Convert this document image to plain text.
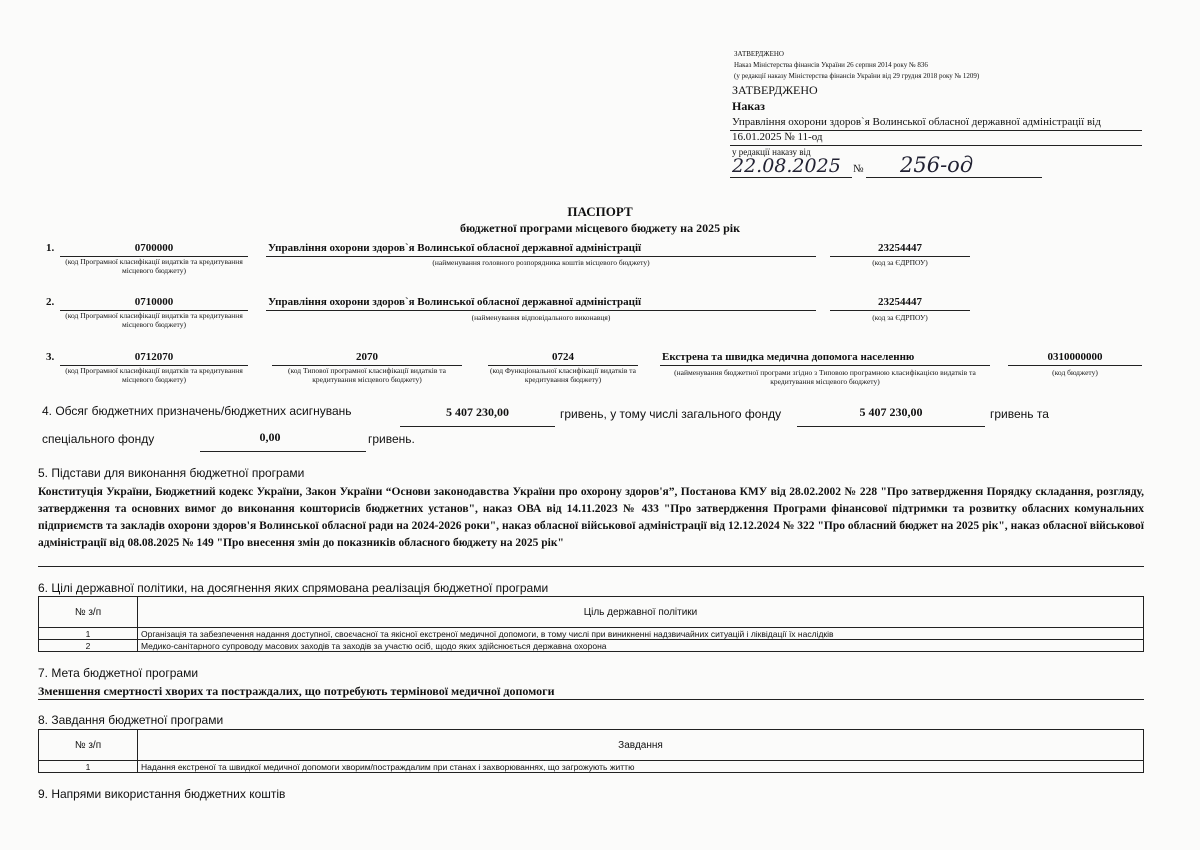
ЗАТВЕРДЖЕНО
Наказ Міністерства фінансів України 26 серпня 2014 року № 836
(у редакції наказу Міністерства фінансів України від 29 грудня 2018 року № 1209)
ЗАТВЕРДЖЕНО
Наказ
Управління охорони здоров`я Волинської обласної державної адміністрації від
16.01.2025 № 11-од
у редакції наказу від
22.08.2025 № 256-од
ПАСПОРТ
бюджетної програми місцевого бюджету на 2025 рік
1.	0700000
(код Програмної класифікації видатків та кредитування місцевого бюджету)
Управління охорони здоров`я Волинської обласної державної адміністрації
(найменування головного розпорядника коштів місцевого бюджету)
23254447
(код за ЄДРПОУ)
2.	0710000
(код Програмної класифікації видатків та кредитування місцевого бюджету)
Управління охорони здоров`я Волинської обласної державної адміністрації
(найменування відповідального виконавця)
23254447
(код за ЄДРПОУ)
3.	0712070
(код Програмної класифікації видатків та кредитування місцевого бюджету)
2070
(код Типової програмної класифікації видатків та кредитування місцевого бюджету)
0724
(код Функціональної класифікації видатків та кредитування бюджету)
Екстрена та швидка медична допомога населенню
(найменування бюджетної програми згідно з Типовою програмною класифікацією видатків та кредитування місцевого бюджету)
0310000000
(код бюджету)
4. Обсяг бюджетних призначень/бюджетних асигнувань	5 407 230,00	гривень, у тому числі загального фонду	5 407 230,00	гривень та
спеціального фонду	0,00	гривень.
5. Підстави для виконання бюджетної програми
Конституція України, Бюджетний кодекс України, Закон України “Основи законодавства України про охорону здоров'я”, Постанова КМУ від 28.02.2002 № 228 "Про затвердження Порядку складання, розгляду, затвердження та основних вимог до виконання кошторисів бюджетних установ", наказ ОВА від 14.11.2023 № 433 "Про затвердження Програми фінансової підтримки та розвитку обласних комунальних підприємств та закладів охорони здоров'я Волинської обласної ради на 2024-2026 роки", наказ обласної військової адміністрації від 12.12.2024 № 322 "Про обласний бюджет на 2025 рік", наказ обласної військової адміністрації від 08.08.2025 № 149 "Про внесення змін до показників обласного бюджету на 2025 рік"
6. Цілі державної політики, на досягнення яких спрямована реалізація бюджетної програми
№ з/п	Ціль державної політики
1	Організація та забезпечення надання доступної, своєчасної та якісної екстреної медичної допомоги, в тому числі при виникненні надзвичайних ситуацій і ліквідації їх наслідків
2	Медико-санітарного супроводу масових заходів та заходів за участю осіб, щодо яких здійснюється державна охорона
7. Мета бюджетної програми
Зменшення смертності хворих та постраждалих, що потребують термінової медичної допомоги
8. Завдання бюджетної програми
№ з/п	Завдання
1	Надання екстреної та швидкої медичної допомоги хворим/постраждалим при станах і захворюваннях, що загрожують життю
9. Напрями використання бюджетних коштів
